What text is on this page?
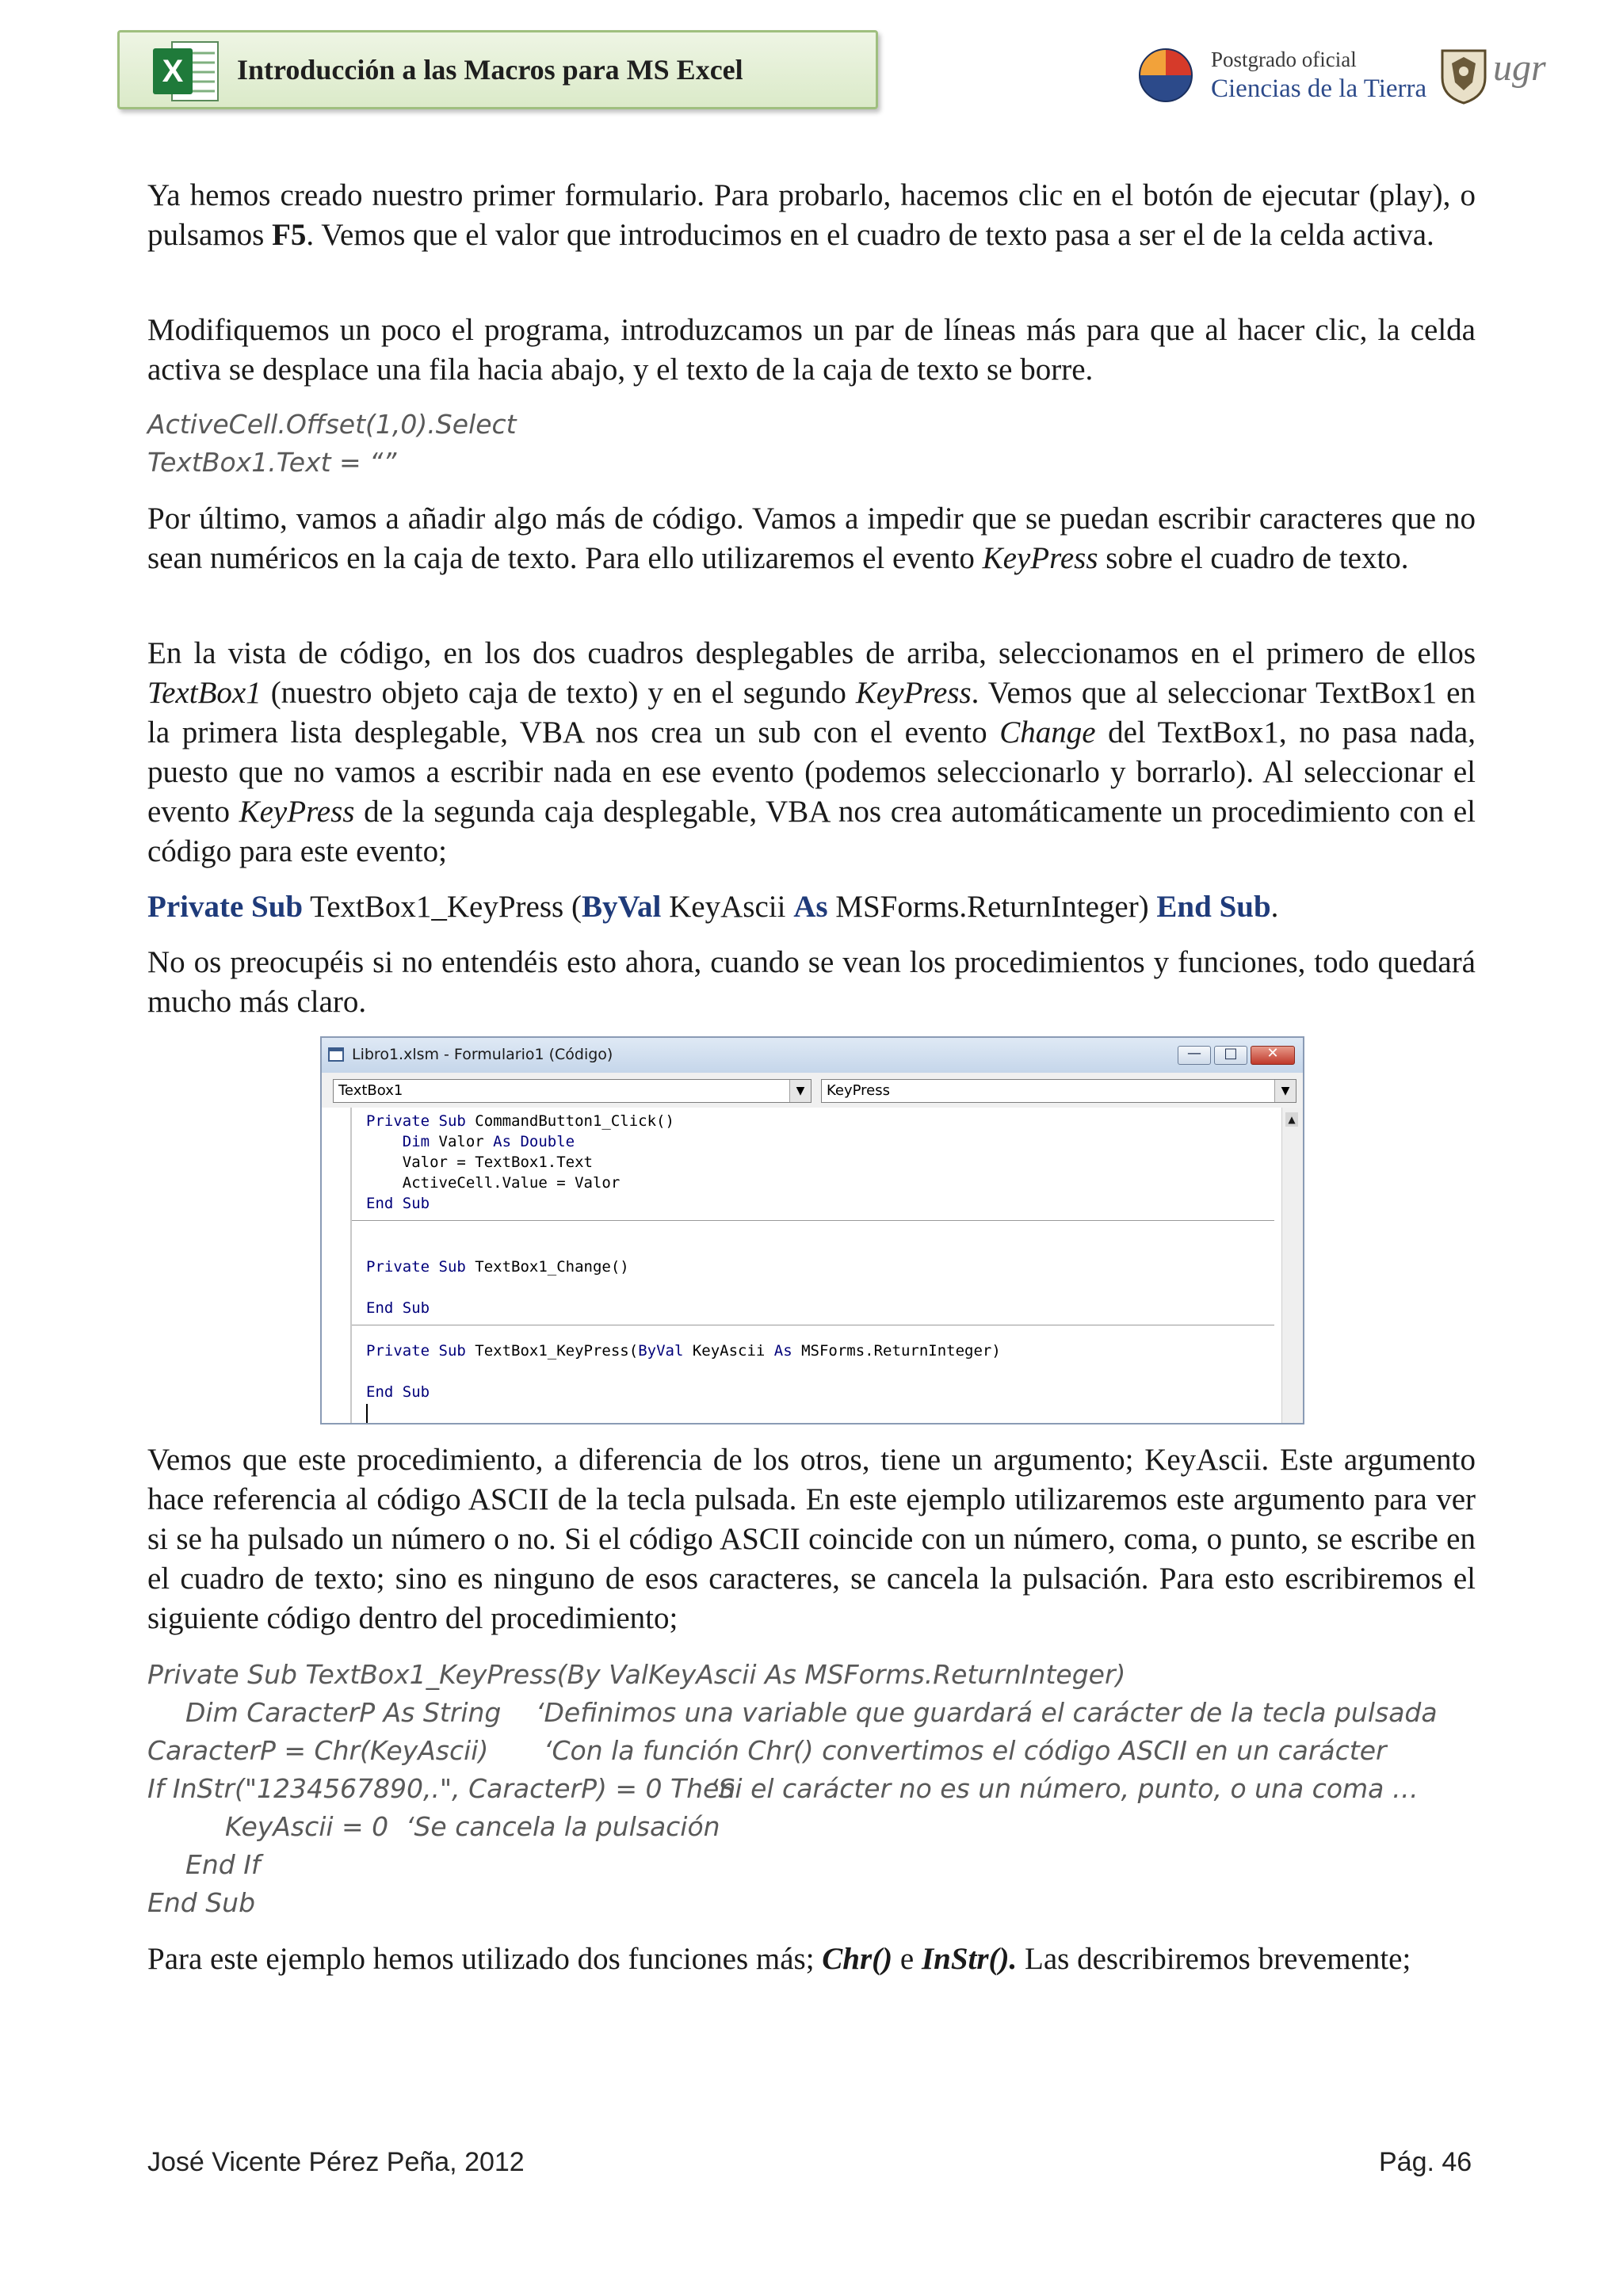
X Introducción a las Macros para MS Excel	Postgrado oficial
Ciencias de la Tierra ugr

Ya hemos creado nuestro primer formulario. Para probarlo, hacemos clic en el botón de ejecutar (play), o pulsamos F5. Vemos que el valor que introducimos en el cuadro de texto pasa a ser el de la celda activa.

Modifiquemos un poco el programa, introduzcamos un par de líneas más para que al hacer clic, la celda activa se desplace una fila hacia abajo, y el texto de la caja de texto se borre.

ActiveCell.Offset(1,0).Select
TextBox1.Text = “”

Por último, vamos a añadir algo más de código. Vamos a impedir que se puedan escribir caracteres que no sean numéricos en la caja de texto. Para ello utilizaremos el evento KeyPress sobre el cuadro de texto.

En la vista de código, en los dos cuadros desplegables de arriba, seleccionamos en el primero de ellos TextBox1 (nuestro objeto caja de texto) y en el segundo KeyPress. Vemos que al seleccionar TextBox1 en la primera lista desplegable, VBA nos crea un sub con el evento Change del TextBox1, no pasa nada, puesto que no vamos a escribir nada en ese evento (podemos seleccionarlo y borrarlo). Al seleccionar el evento KeyPress de la segunda caja desplegable, VBA nos crea automáticamente un procedimiento con el código para este evento;

Private Sub TextBox1_KeyPress (ByVal KeyAscii As MSForms.ReturnInteger) End Sub.

No os preocupéis si no entendéis esto ahora, cuando se vean los procedimientos y funciones, todo quedará mucho más claro.

Libro1.xlsm - Formulario1 (Código)	—	□	✕
TextBox1	▼	KeyPress	▼
▲
Private Sub CommandButton1_Click()
Dim Valor As Double
Valor = TextBox1.Text
ActiveCell.Value = Valor
End Sub
Private Sub TextBox1_Change()
End Sub
Private Sub TextBox1_KeyPress(ByVal KeyAscii As MSForms.ReturnInteger)
End Sub

Vemos que este procedimiento, a diferencia de los otros, tiene un argumento; KeyAscii. Este argumento hace referencia al código ASCII de la tecla pulsada. En este ejemplo utilizaremos este argumento para ver si se ha pulsado un número o no. Si el código ASCII coincide con un número, coma, o punto, se escribe en el cuadro de texto; sino es ninguno de esos caracteres, se cancela la pulsación. Para esto escribiremos el siguiente código dentro del procedimiento;

Private Sub TextBox1_KeyPress(By ValKeyAscii As MSForms.ReturnInteger)
Dim CaracterP As String ‘Definimos una variable que guardará el carácter de la tecla pulsada
CaracterP = Chr(KeyAscii) ‘Con la función Chr() convertimos el código ASCII en un carácter
If InStr("1234567890,.", CaracterP) = 0 Then
‘Si el carácter no es un número, punto, o una coma …
KeyAscii = 0 ‘Se cancela la pulsación
End If
End Sub

Para este ejemplo hemos utilizado dos funciones más; Chr() e InStr(). Las describiremos brevemente;

José Vicente Pérez Peña, 2012	Pág. 46
